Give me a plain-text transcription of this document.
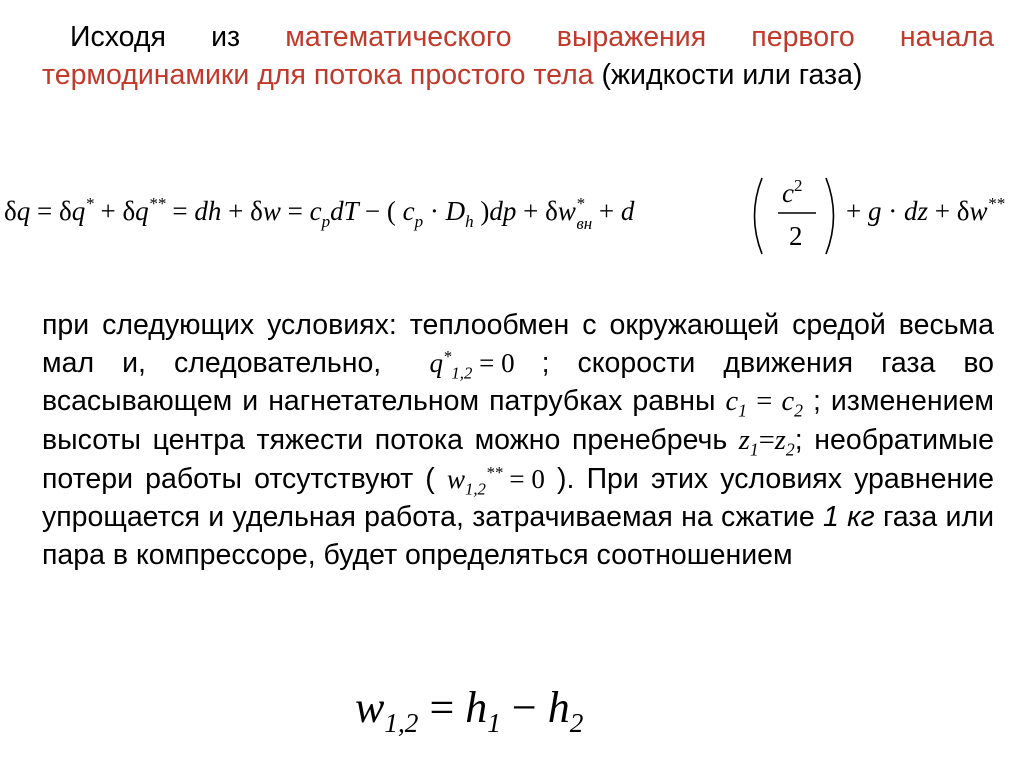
Исходя из математического выражения первого начала термодинамики для потока простого тела (жидкости или газа)
δq = δq* + δq** = dh + $\delta w = c_pdT$ − ( $c_p \cdot D_h$ )dp + δw* вн + d
$c^2$
2
+ g · dz + δw**
при следующих условиях: теплообмен с окружающей средой весьма мал и, следовательно,    $q^*_{1,2} = 0$ ; скорости движения газа во всасывающем и нагнетательном патрубках равны $c_1 = c_2$ ; изменением высоты центра тяжести потока можно пренебречь $z_1=z_2$; необратимые потери работы отсутствуют ( $w_{1,2}^{**} = 0$ ). При этих условиях уравнение упрощается и удельная работа, затрачиваемая на сжатие 1 кг газа или пара в компрессоре, будет определяться соотношением
$w_{1,2} = h_1 - h_2$
